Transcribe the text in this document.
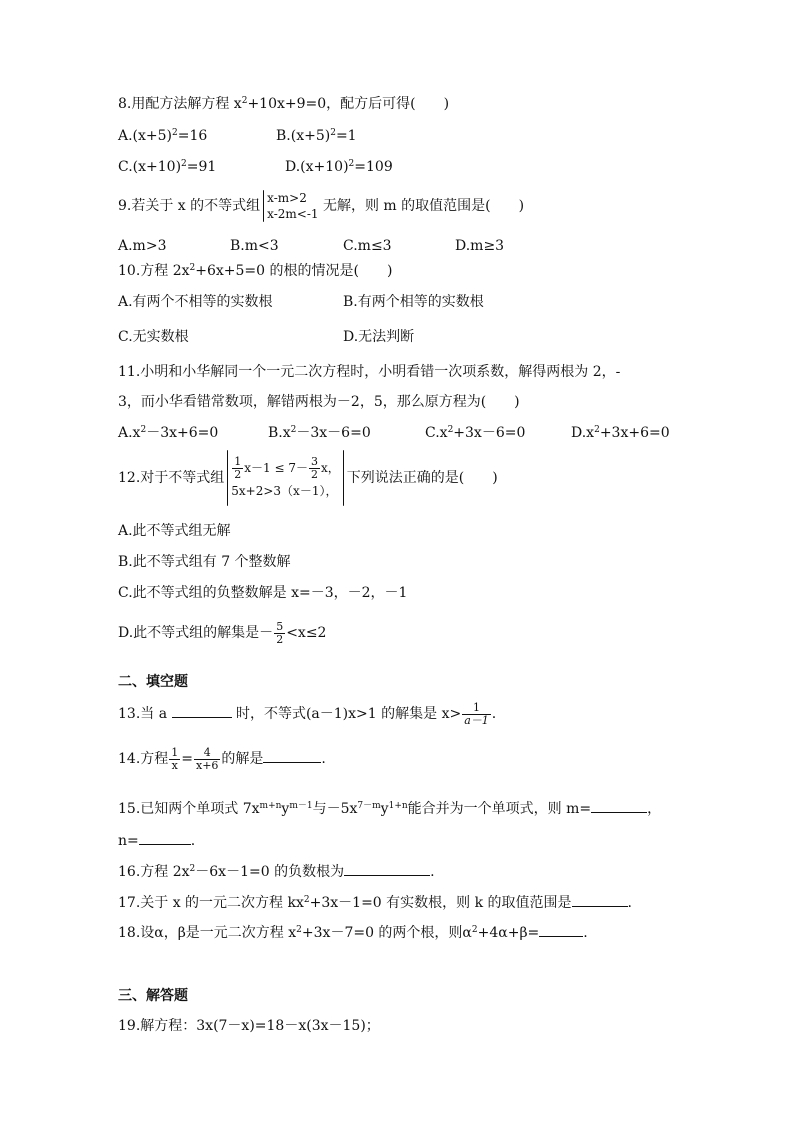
8.用配方法解方程 $x^2+10x+9=0$，配方后可得(　　)
$A.(x+5)^2=16$	$B.(x+5)^2=1$
$C.(x+10)^2=91$	$D.(x+10)^2=109$
9.若关于 x 的不等式组 x-m>2
x-2m<-1 无解，则 m 的取值范围是(　　)
A.m>3	B.m<3	C.m≤3	D.m≥3
10.方程 $2x^2+6x+5=0$ 的根的情况是(　　)
A.有两个不相等的实数根	B.有两个相等的实数根
C.无实数根	D.无法判断
11.小明和小华解同一个一元二次方程时，小明看错一次项系数，解得两根为 2，-
3，而小华看错常数项，解错两根为－2，5，那么原方程为(　　)
$A.x^2-3x+6=0$	$B.x^2-3x-6=0$	$C.x^2+3x-6=0$	$D.x^2+3x+6=0$
12.对于不等式组 $\frac{1}{2} x-1 \le 7- \frac{3}{2}$ x，
5x+2>3（x－1），
下列说法正确的是(　　)
A.此不等式组无解
B.此不等式组有 7 个整数解
C.此不等式组的负整数解是 x=－3，－2，－1
D.此不等式组的解集是－ $\frac{5}{2} <x\le 2$
二、填空题
13.当 a	时，不等式(a－1)x>1 的解集是 $x> \frac{1}{a-1}$ .
14.方程 $\frac{1}{x} = \frac{4}{x+6}$ 的解是	.
15.已知两个单项式 $7x^{m+n}y^{m-1}$与$-5x^{7-m}y^{1+n}$能合并为一个单项式，则 m=	，
n=	.
16.方程 $2x^2-6x-1=0$ 的负数根为	.
17.关于 x 的一元二次方程 $kx^2+3x-1=0$ 有实数根，则 k 的取值范围是	.
18.设α，β是一元二次方程 $x^2+3x-7=0$ 的两个根，则$\alpha^2+4\alpha+\beta=$	.
三、解答题
19.解方程：3x(7－x)=18－x(3x－15)；
